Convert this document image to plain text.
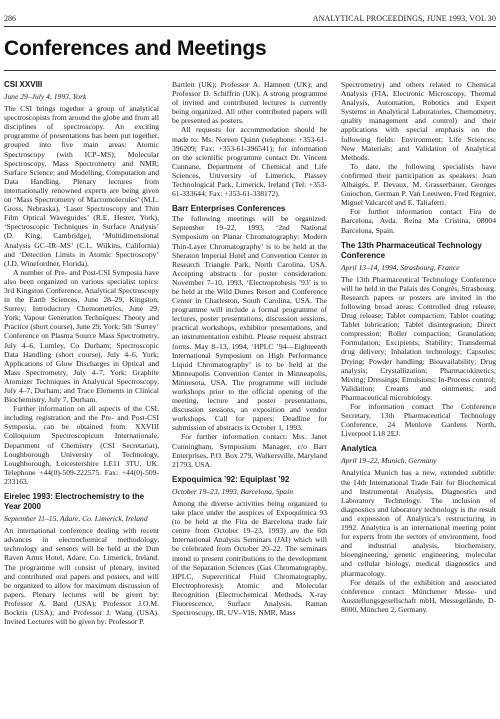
286	ANALYTICAL PROCEEDINGS, JUNE 1993, VOL 30
Conferences and Meetings

CSI XXVIII

June 29–July 4, 1993, York

The CSI brings together a group of analytical spectroscopists from around the globe and from all disciplines of spectroscopy. An exciting programme of presentations has been put together, grouped into five main areas: Atomic Spectroscopy (with ICP–MS); Molecular Spectroscopy, Mass Spectrometry and NMR; Surface Science; and Modelling, Computation and Data Handling. Plenary lectures from internationally renowned experts are being given on ‘Mass Spectrometry of Macromolecules’ (M.L. Gross, Nebraska), ‘Laser Spectroscopy and Thin Film Optical Waveguides’ (R.E. Hester, York), ‘Spectroscopic Techniques in Surface Analysis’ (D. King, Cambridge), ‘Multidimensional Analysis GC–IR–MS’ (C.L. Wilkins, California) and ‘Detection Limits in Atomic Spectroscopy’ (J.D. Winefordner, Florida).

A number of Pre- and Post-CSI Symposia have also been organized on various specialist topics: 3rd Kingston Conference, Analytical Spectroscopy in the Earth Sciences, June 28–29, Kingston, Surrey; Introductory Chemometrics, June 29, York; Vapour Generation Techniques: Theory and Practice (short course), June 29, York; 5th ‘Surrey’ Conference on Plasma Source Mass Spectrometry, July 4–6, Lumley, Co Durham; Spectroscopic Data Handling (short course), July 4–6, York; Applications of Glow Discharges in Optical and Mass Spectrometry, July 4–7, York; Graphite Atomizer Techniques in Analytical Spectroscopy, July 4–7, Durham; and Trace Elements in Clinical Biochemistry, July 7, Durham.

Further information on all aspects of the CSI, including registration and the Pre- and Post-CSI Symposia, can be obtained from: XXVIII Colloquium Spectroscopicum Internationale, Department of Chemistry (CSI Secretariat), Loughborough University of Technology, Loughborough, Leicestershire LE11 3TU, UK. Telephone +44(0)-509-222575. Fax: +44(0)-509-233163.

Eirelec 1993: Electrochemistry to the Year 2000

September 11–15, Adare, Co. Limerick, Ireland

An international conference dealing with recent advances in electrochemical methodology, technology and sensors will be held at the Dun Raven Arms Hotel, Adare, Co. Limerick, Ireland. The programme will consist of plenary, invited and contributed oral papers and posters, and will be organized to allow for maximum discussion of papers. Plenary lectures will be given by: Professor A. Bard (USA); Professor J.O.M. Bockris (USA); and Professor J. Wang (USA). Invited Lectures will be given by: Professor P.

Bartlett (UK); Professor A. Hamnett (UK); and Professor D. Schiffrin (UK). A strong programme of invited and contributed lectures is currently being organized. All other contributed papers will be presented as posters.

All requests for accommodation should be made to: Ms. Noreen Quinn (telephone: +353-61-396209; Fax: +353-61-396541); for information on the scientific programme contact Dr. Vincent Cunnane, Department of Chemical and Life Sciences, University of Limerick, Plassey Technological Park, Limerick, Ireland (Tel: +353-61-333644; Fax: +353-61-338172).

Barr Enterprises Conferences

The following meetings will be organized. September 19–22, 1993, ‘2nd National Symposium on Planar Chromatography: Modern Thin-Layer Chromatography’ is to be held at the Sheraton Imperial Hotel and Convention Center in Research Triangle Park, North Carolina, USA. Accepting abstracts for poster consideration. November 7–10, 1993, ‘Electroprobesis ’93’ is to be held at the Wild Dunes Resort and Conference Center in Charleston, South Carolina, USA. The programme will include a formal programme of lectures, poster presentations, discussion sessions, practical workshops, exhibitor presentations, and an instrumentation exhibit. Please request abstract forms. May 8–13, 1994, ‘HPLC ’94—Eighteenth International Symposium on High Performance Liquid Chromatography’ is to be held at the Minneapolis Convention Center in Minneapolis, Minnesota, USA. The programme will include workshops prior to the official opening of the meeting, lecture and poster presentations, discussion sessions, an exposition and vendor workshops. Call for papers: Deadline for submission of abstracts is October 1, 1993.

For further information contact: Mrs. Janet Cunningham, Symposium Manager, c/o Barr Enterprises, P.O. Box 279, Walkersville, Maryland 21793, USA.

Expoquimica ’92: Equiplast ’92

October 19–23, 1993, Barcelona, Spain

Among the diverse activities being organized to take place under the auspices of Expoquimica 93 (to be held at the Fira de Barcelona trade fair centre from October 19–23, 1993) are the 6th International Analysis Seminars (JAI) which will be celebrated from October 20–22. The seminars intend to present contributions to the development of the Separation Sciences (Gas Chromatography, HPLC, Supercritical Fluid Chromatography, Electrophoresis); Atomic and Molecular Recognition (Electrochemical Methods, X-ray Fluorescence, Surface Analysis, Raman Spectroscopy, IR, UV–VIS, NMR, Mass

Spectrometry) and others related to Chemical Analysis (FIA, Electronic Microscopy, Thermal Analysis, Automation, Robotics and Expert Systems in Analytical Laboratories, Chemometry, quality management and control) and their applications with special emphasis on the following fields: Environment; Life Sciences; New Materials; and Validation of Analytical Methods.

To date, the following specialists have confirmed their participation as speakers: Joan Albaigés, P. Devaux, M. Grasserbauer, Georges Guiochon, German P. Van Leeuwen, Fred Regnier, Miguel Valcarcel and E. Taliaferri.

For further information contact Fira de Barcelona, Avda. Reina Ma Cristina, 08004 Barcelona, Spain.

The 13th Pharmaceutical Technology Conference

April 13–14, 1994, Strasbourg, France

The 13th Pharmaceutical Technology Conference will be held in the Palais des Congrès, Strasbourg. Research papers or posters are invited in the following broad areas: Controlled drug release; Drug release; Tablet compaction; Tablet coating; Tablet lubrication; Tablet disintegration; Direct compression; Roller compaction; Granulation; Formulation; Excipients; Stability; Transdermal drug delivery; Inhalation technology; Capsules; Drying; Powder handling; Bioavailability; Drug analysis; Crystallization; Pharmacokinetics; Mixing; Dressings; Emulsions; In-Process control; Validation; Creams and ointments; and Pharmaceutical microbiology.

For information contact The Conference Secretary, 13th Pharmaceutical Technology Conference, 24 Menlove Gardens North, Liverpool L18 2EJ.

Analytica

April 19–22, Munich, Germany

Analytica Munich has a new, extended subtitle: the 14th International Trade Fair for Biochemical and Instrumental Analysis, Diagnostics and Laboratory Technology. The inclusion of diagnostics and laboratory technology is the result and expression of Analytica’s restructuring in 1992. Analytica is an international meeting point for experts from the sectors of environment, food and industrial analysis, biochemistry, bioengineering, genetic engineering, molecular and cellular biology, medical diagnostics and pharmacology.

For details of the exhibition and associated conference contact Münchener Messe- und Ausstellungsgesellschaft mbH, Messegelände, D-8000, München 2, Germany.
